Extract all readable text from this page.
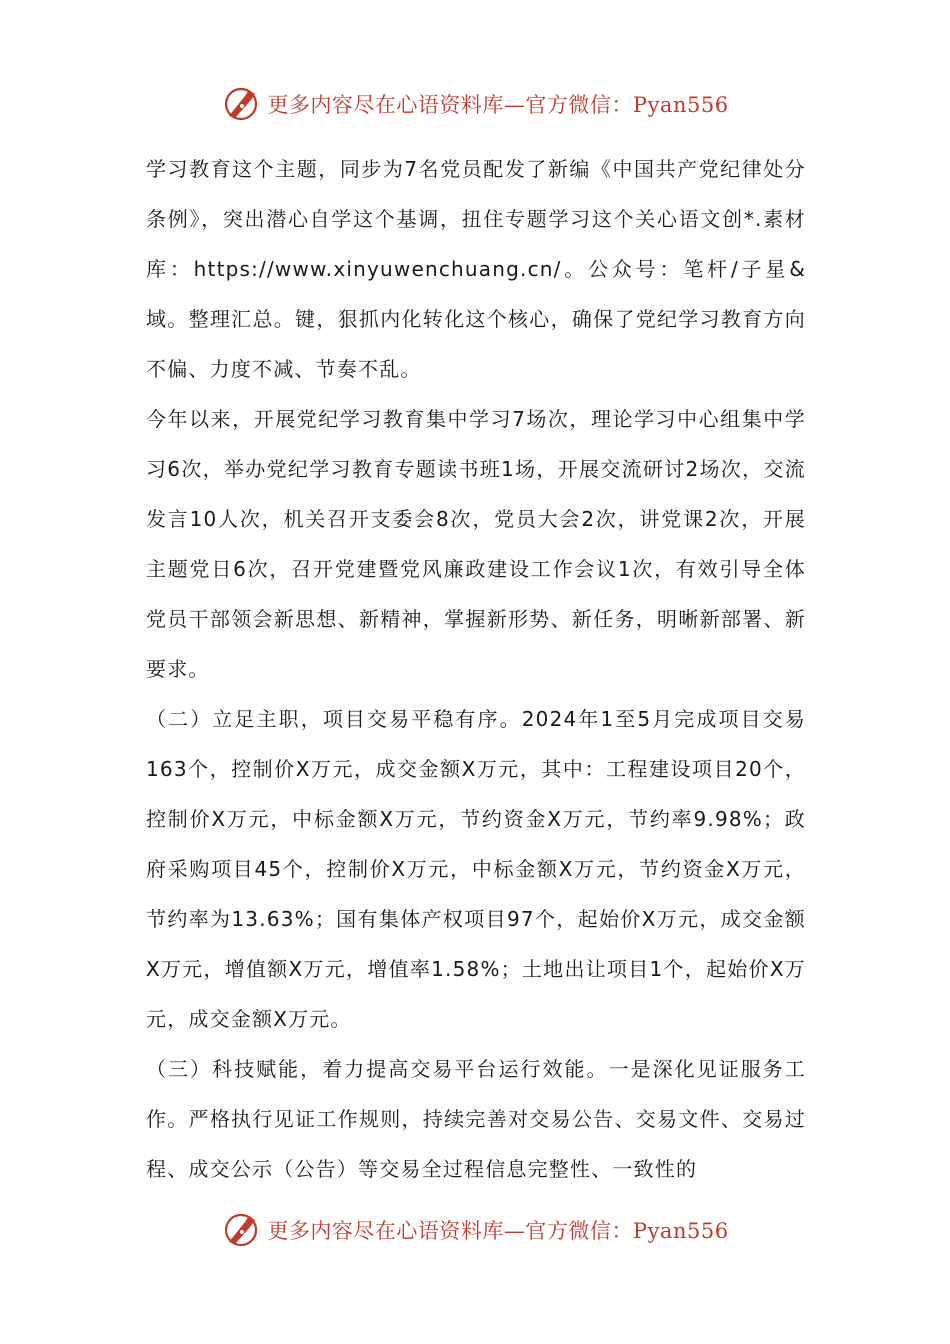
更多内容尽在心语资料库—官方微信：Pyan556

学习教育这个主题，同步为7名党员配发了新编《中国共产党纪律处分条例》，突出潜心自学这个基调，扭住专题学习这个关心语文创*.素材库：https://www.xinyuwenchuang.cn/。公众号：笔杆/子星&域。整理汇总。键，狠抓内化转化这个核心，确保了党纪学习教育方向不偏、力度不减、节奏不乱。

今年以来，开展党纪学习教育集中学习7场次，理论学习中心组集中学习6次，举办党纪学习教育专题读书班1场，开展交流研讨2场次，交流发言10人次，机关召开支委会8次，党员大会2次，讲党课2次，开展主题党日6次，召开党建暨党风廉政建设工作会议1次，有效引导全体党员干部领会新思想、新精神，掌握新形势、新任务，明晰新部署、新要求。

（二）立足主职，项目交易平稳有序。2024年1至5月完成项目交易163个，控制价X万元，成交金额X万元，其中：工程建设项目20个，控制价X万元，中标金额X万元，节约资金X万元，节约率9.98%；政府采购项目45个，控制价X万元，中标金额X万元，节约资金X万元，节约率为13.63%；国有集体产权项目97个，起始价X万元，成交金额X万元，增值额X万元，增值率1.58%；土地出让项目1个，起始价X万元，成交金额X万元。

（三）科技赋能，着力提高交易平台运行效能。一是深化见证服务工作。严格执行见证工作规则，持续完善对交易公告、交易文件、交易过程、成交公示（公告）等交易全过程信息完整性、一致性的

更多内容尽在心语资料库—官方微信：Pyan556
